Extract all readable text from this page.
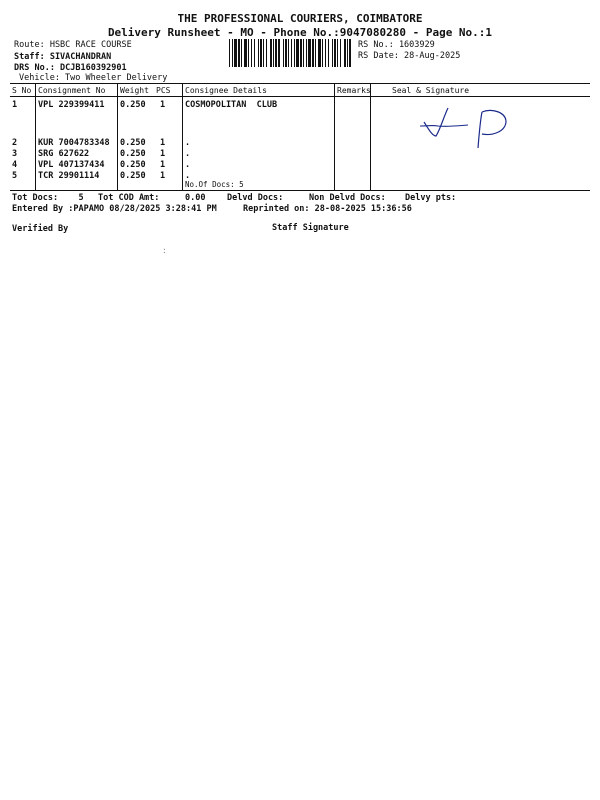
THE PROFESSIONAL COURIERS, COIMBATORE
Delivery Runsheet - MO - Phone No.:9047080280 - Page No.:1
Route: HSBC RACE COURSE
Staff: SIVACHANDRAN
DRS No.: DCJB160392901
Vehicle: Two Wheeler Delivery
RS No.: 1603929
RS Date: 28-Aug-2025
S No Consignment No Weight PCS Consignee Details	Remarks	Seal & Signature
1 VPL 229399411 0.250 1 COSMOPOLITAN  CLUB
2 KUR 7004783348 0.250 1 .
3 SRG 627622	0.250 1 .
4 VPL 407137434 0.250 1 .
5 TCR 29901114 0.250 1 .
No.Of Docs: 5
Tot Docs:    5 Tot COD Amt:     0.00	Delvd Docs:	Non Delvd Docs: Delvy pts:
Entered By :PAPAMO 08/28/2025 3:28:41 PM	Reprinted on: 28-08-2025 15:36:56
Verified By	Staff Signature
ː
